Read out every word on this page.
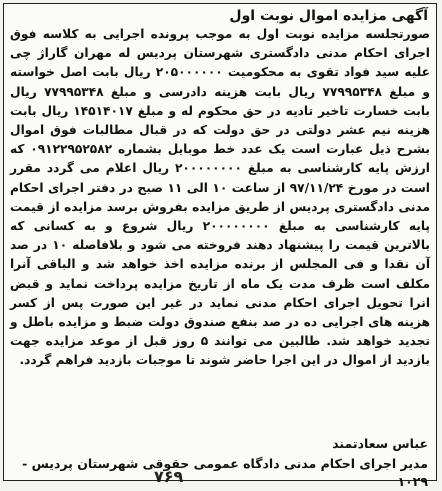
آگهی مزایده اموال نوبت اول

صورتجلسه مزایده نوبت اول به موجب پرونده اجرایی به کلاسه فوق اجرای احکام مدنی دادگستری شهرستان پردیس له مهران گاراژ چی علیه سید فواد تقوی به محکومیت ۲۰۵۰۰۰۰۰۰ ریال بابت اصل خواسته و مبلغ ۷۷۹۹۵۳۴۸ ریال بابت هزینه دادرسی و مبلغ ۷۷۹۹۵۳۴۸ ریال بابت خسارت تاخیر تادیه در حق محکوم له و مبلغ ۱۴۵۱۴۰۱۷ ریال بابت هزینه نیم عشر دولتی در حق دولت که در قبال مطالبات فوق اموال بشرح ذیل عبارت است یک عدد خط موبایل بشماره ۰۹۱۲۲۹۵۲۵۸۲ که ارزش پایه کارشناسی به مبلغ ۲۰۰۰۰۰۰۰۰ ریال اعلام می گردد مقرر است در مورخ ۹۷/۱۱/۲۴ از ساعت ۱۰ الی ۱۱ صبح در دفتر اجرای احکام مدنی دادگستری پردیس از طریق مزایده بفروش برسد مزایده از قیمت پایه کارشناسی به مبلغ ۲۰۰۰۰۰۰۰۰ ریال شروع و به کسانی که بالاترین قیمت را پیشنهاد دهند فروخته می شود و بلافاصله ۱۰ در صد آن نقدا و فی المجلس از برنده مزایده اخذ خواهد شد و الباقی آنرا مکلف است ظرف مدت یک ماه از تاریخ مزایده پرداخت نماید و قبض انرا تحویل اجرای احکام مدنی نماید در غیر این صورت پس از کسر هزینه های اجرایی ده در صد بنفع صندوق دولت ضبط و مزایده باطل و تجدید خواهد شد. طالبین می توانند ۵ روز قبل از موعد مزایده جهت بازدید از اموال در این اجرا حاضر شوند تا موجبات بازدید فراهم گردد.

عباس سعادتمند
مدیر اجرای احکام مدنی دادگاه عمومی حقوقی شهرستان پردیس - ۱۰۲۹
۷۶۹
